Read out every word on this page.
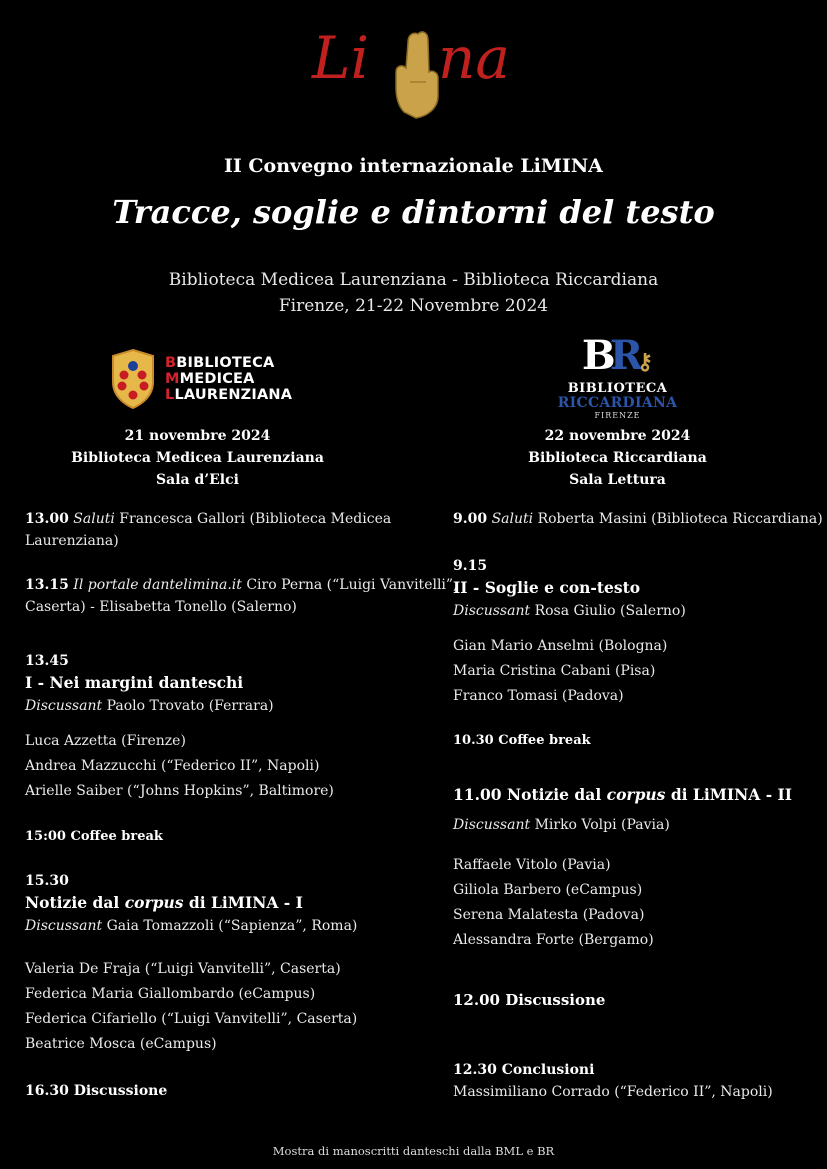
Li na
II Convegno internazionale LiMINA
Tracce, soglie e dintorni del testo
Biblioteca Medicea Laurenziana - Biblioteca Riccardiana
Firenze, 21-22 Novembre 2024
BBIBLIOTECA
MMEDICEA
LLAURENZIANA
BR⚷
BIBLIOTECA
RICCARDIANA
FIRENZE
21 novembre 2024
Biblioteca Medicea Laurenziana
Sala d’Elci
22 novembre 2024
Biblioteca Riccardiana
Sala Lettura
13.00 Saluti Francesca Gallori (Biblioteca Medicea
Laurenziana)
13.15 Il portale dantelimina.it Ciro Perna (“Luigi Vanvitelli”,
Caserta) - Elisabetta Tonello (Salerno)
13.45
I - Nei margini danteschi
Discussant Paolo Trovato (Ferrara)
Luca Azzetta (Firenze)
Andrea Mazzucchi (“Federico II”, Napoli)
Arielle Saiber (“Johns Hopkins”, Baltimore)
15:00 Coffee break
15.30
Notizie dal corpus di LiMINA - I
Discussant Gaia Tomazzoli (“Sapienza”, Roma)
Valeria De Fraja (“Luigi Vanvitelli”, Caserta)
Federica Maria Giallombardo (eCampus)
Federica Cifariello (“Luigi Vanvitelli”, Caserta)
Beatrice Mosca (eCampus)
16.30 Discussione
9.00 Saluti Roberta Masini (Biblioteca Riccardiana)
9.15
II - Soglie e con-testo
Discussant Rosa Giulio (Salerno)
Gian Mario Anselmi (Bologna)
Maria Cristina Cabani (Pisa)
Franco Tomasi (Padova)
10.30 Coffee break
11.00 Notizie dal corpus di LiMINA - II

Discussant Mirko Volpi (Pavia)
Raffaele Vitolo (Pavia)
Giliola Barbero (eCampus)
Serena Malatesta (Padova)
Alessandra Forte (Bergamo)
12.00 Discussione
12.30 Conclusioni
Massimiliano Corrado (“Federico II”, Napoli)
Mostra di manoscritti danteschi dalla BML e BR
